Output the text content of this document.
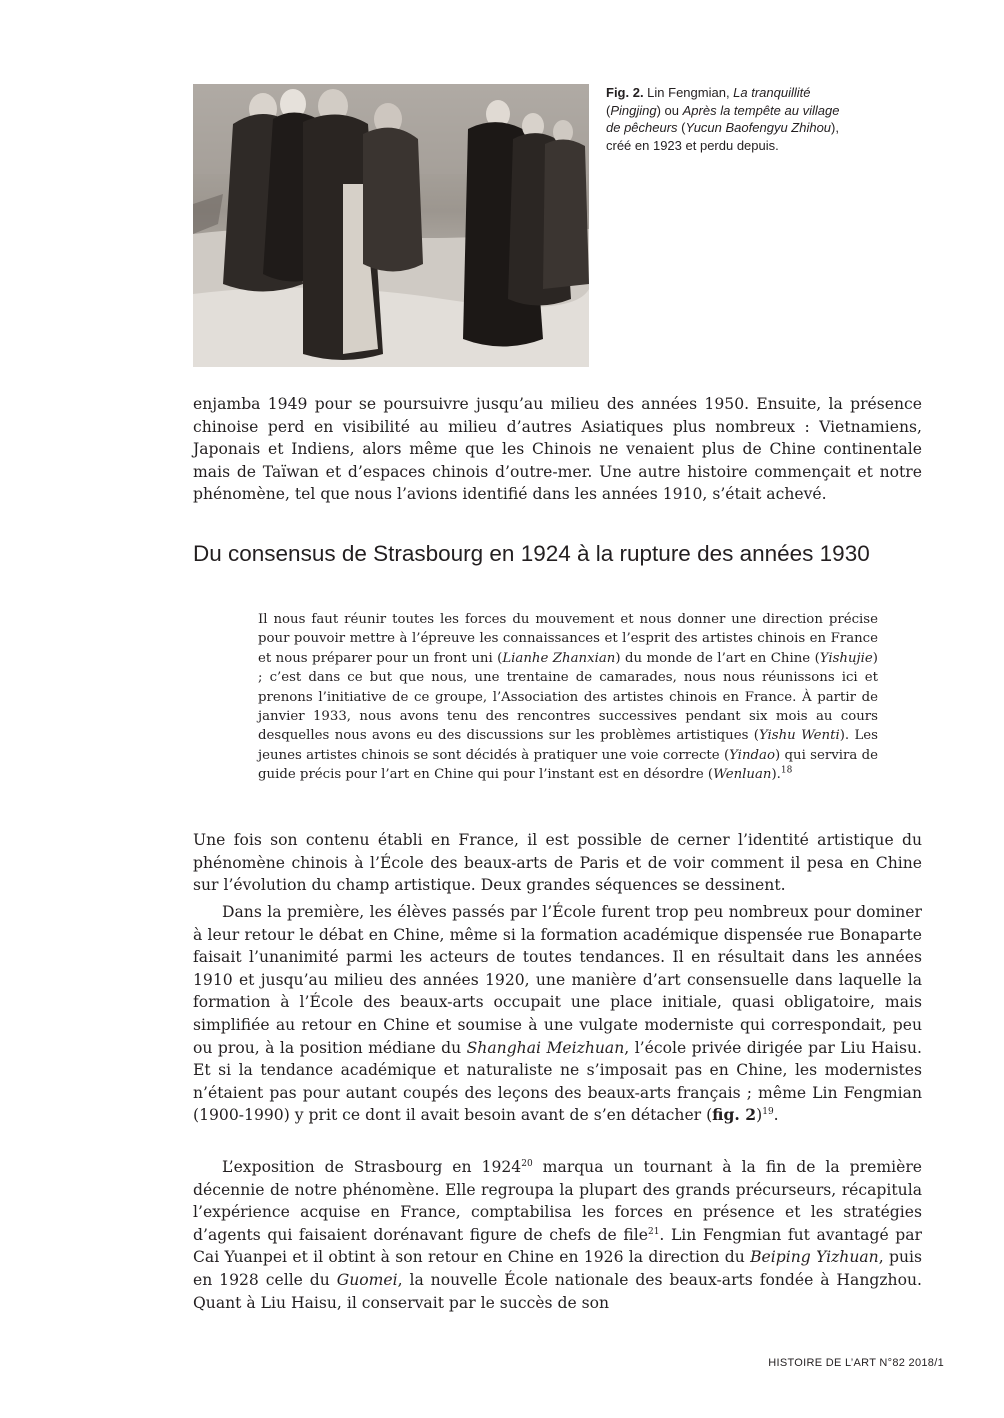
Fig. 2. Lin Fengmian, La tranquillité (Pingjing) ou Après la tempête au village de pêcheurs (Yucun Baofengyu Zhihou), créé en 1923 et perdu depuis.

enjamba 1949 pour se poursuivre jusqu’au milieu des années 1950. Ensuite, la présence chinoise perd en visibilité au milieu d’autres Asiatiques plus nombreux : Vietnamiens, Japonais et Indiens, alors même que les Chinois ne venaient plus de Chine continentale mais de Taïwan et d’espaces chinois d’outre-mer. Une autre histoire commençait et notre phénomène, tel que nous l’avions identifié dans les années 1910, s’était achevé.

Du consensus de Strasbourg en 1924 à la rupture des années 1930

Il nous faut réunir toutes les forces du mouvement et nous donner une direction précise pour pouvoir mettre à l’épreuve les connaissances et l’esprit des artistes chinois en France et nous préparer pour un front uni (Lianhe Zhanxian) du monde de l’art en Chine (Yishujie) ; c’est dans ce but que nous, une trentaine de camarades, nous nous réunissons ici et prenons l’initiative de ce groupe, l’Association des artistes chinois en France. À partir de janvier 1933, nous avons tenu des rencontres successives pendant six mois au cours desquelles nous avons eu des discussions sur les problèmes artistiques (Yishu Wenti). Les jeunes artistes chinois se sont décidés à pratiquer une voie correcte (Yindao) qui servira de guide précis pour l’art en Chine qui pour l’instant est en désordre (Wenluan).$^{18}$

Une fois son contenu établi en France, il est possible de cerner l’identité artistique du phénomène chinois à l’École des beaux-arts de Paris et de voir comment il pesa en Chine sur l’évolution du champ artistique. Deux grandes séquences se dessinent.

Dans la première, les élèves passés par l’École furent trop peu nombreux pour dominer à leur retour le débat en Chine, même si la formation académique dispensée rue Bonaparte faisait l’unanimité parmi les acteurs de toutes tendances. Il en résultait dans les années 1910 et jusqu’au milieu des années 1920, une manière d’art consensuelle dans laquelle la formation à l’École des beaux-arts occupait une place initiale, quasi obligatoire, mais simplifiée au retour en Chine et soumise à une vulgate moderniste qui correspondait, peu ou prou, à la position médiane du Shanghai Meizhuan, l’école privée dirigée par Liu Haisu. Et si la tendance académique et naturaliste ne s’imposait pas en Chine, les modernistes n’étaient pas pour autant coupés des leçons des beaux-arts français ; même Lin Fengmian (1900-1990) y prit ce dont il avait besoin avant de s’en détacher (fig. 2)$^{19}$.

L’exposition de Strasbourg en 1924$^{20}$ marqua un tournant à la fin de la première décennie de notre phénomène. Elle regroupa la plupart des grands précurseurs, récapitula l’expérience acquise en France, comptabilisa les forces en présence et les stratégies d’agents qui faisaient dorénavant figure de chefs de file$^{21}$. Lin Fengmian fut avantagé par Cai Yuanpei et il obtint à son retour en Chine en 1926 la direction du Beiping Yizhuan, puis en 1928 celle du Guomei, la nouvelle École nationale des beaux-arts fondée à Hangzhou. Quant à Liu Haisu, il conservait par le succès de son

HISTOIRE DE L’ART N°82 2018/1
